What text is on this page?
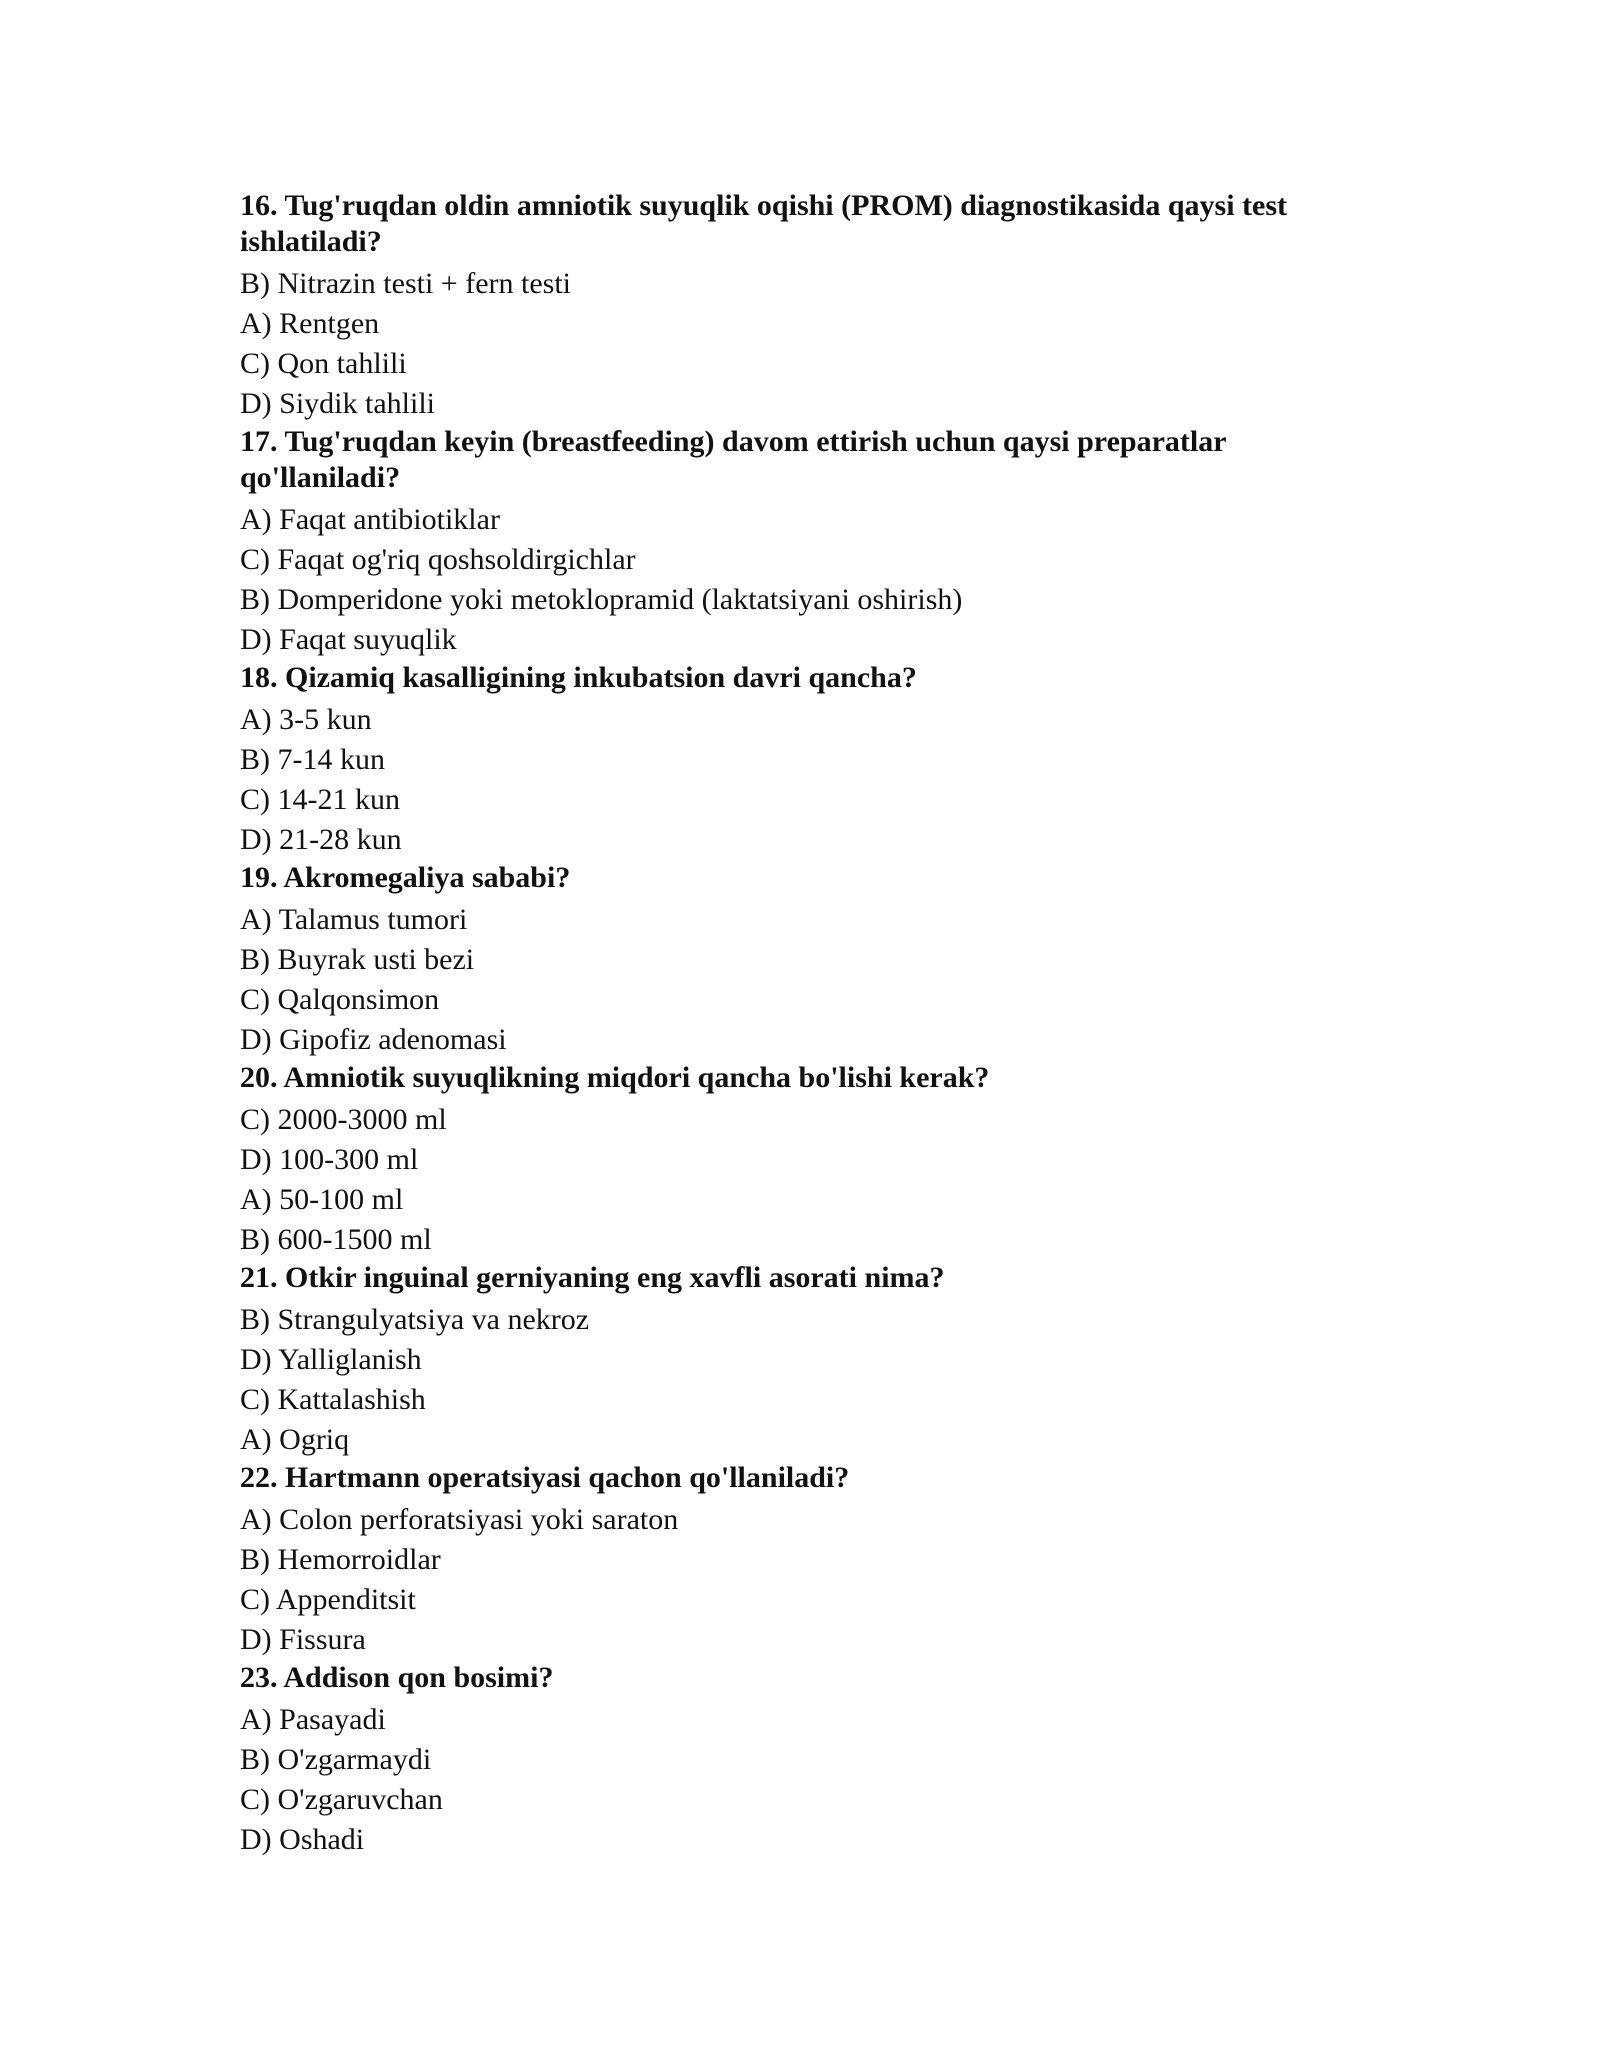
16. Tug'ruqdan oldin amniotik suyuqlik oqishi (PROM) diagnostikasida qaysi test ishlatiladi?

B) Nitrazin testi + fern testi

A) Rentgen

C) Qon tahlili

D) Siydik tahlili

17. Tug'ruqdan keyin (breastfeeding) davom ettirish uchun qaysi preparatlar qo'llaniladi?

A) Faqat antibiotiklar

C) Faqat og'riq qoshsoldirgichlar

B) Domperidone yoki metoklopramid (laktatsiyani oshirish)

D) Faqat suyuqlik

18. Qizamiq kasalligining inkubatsion davri qancha?

A) 3-5 kun

B) 7-14 kun

C) 14-21 kun

D) 21-28 kun

19. Akromegaliya sababi?

A) Talamus tumori

B) Buyrak usti bezi

C) Qalqonsimon

D) Gipofiz adenomasi

20. Amniotik suyuqlikning miqdori qancha bo'lishi kerak?

C) 2000-3000 ml

D) 100-300 ml

A) 50-100 ml

B) 600-1500 ml

21. Otkir inguinal gerniyaning eng xavfli asorati nima?

B) Strangulyatsiya va nekroz

D) Yalliglanish

C) Kattalashish

A) Ogriq

22. Hartmann operatsiyasi qachon qo'llaniladi?

A) Colon perforatsiyasi yoki saraton

B) Hemorroidlar

C) Appenditsit

D) Fissura

23. Addison qon bosimi?

A) Pasayadi

B) O'zgarmaydi

C) O'zgaruvchan

D) Oshadi
